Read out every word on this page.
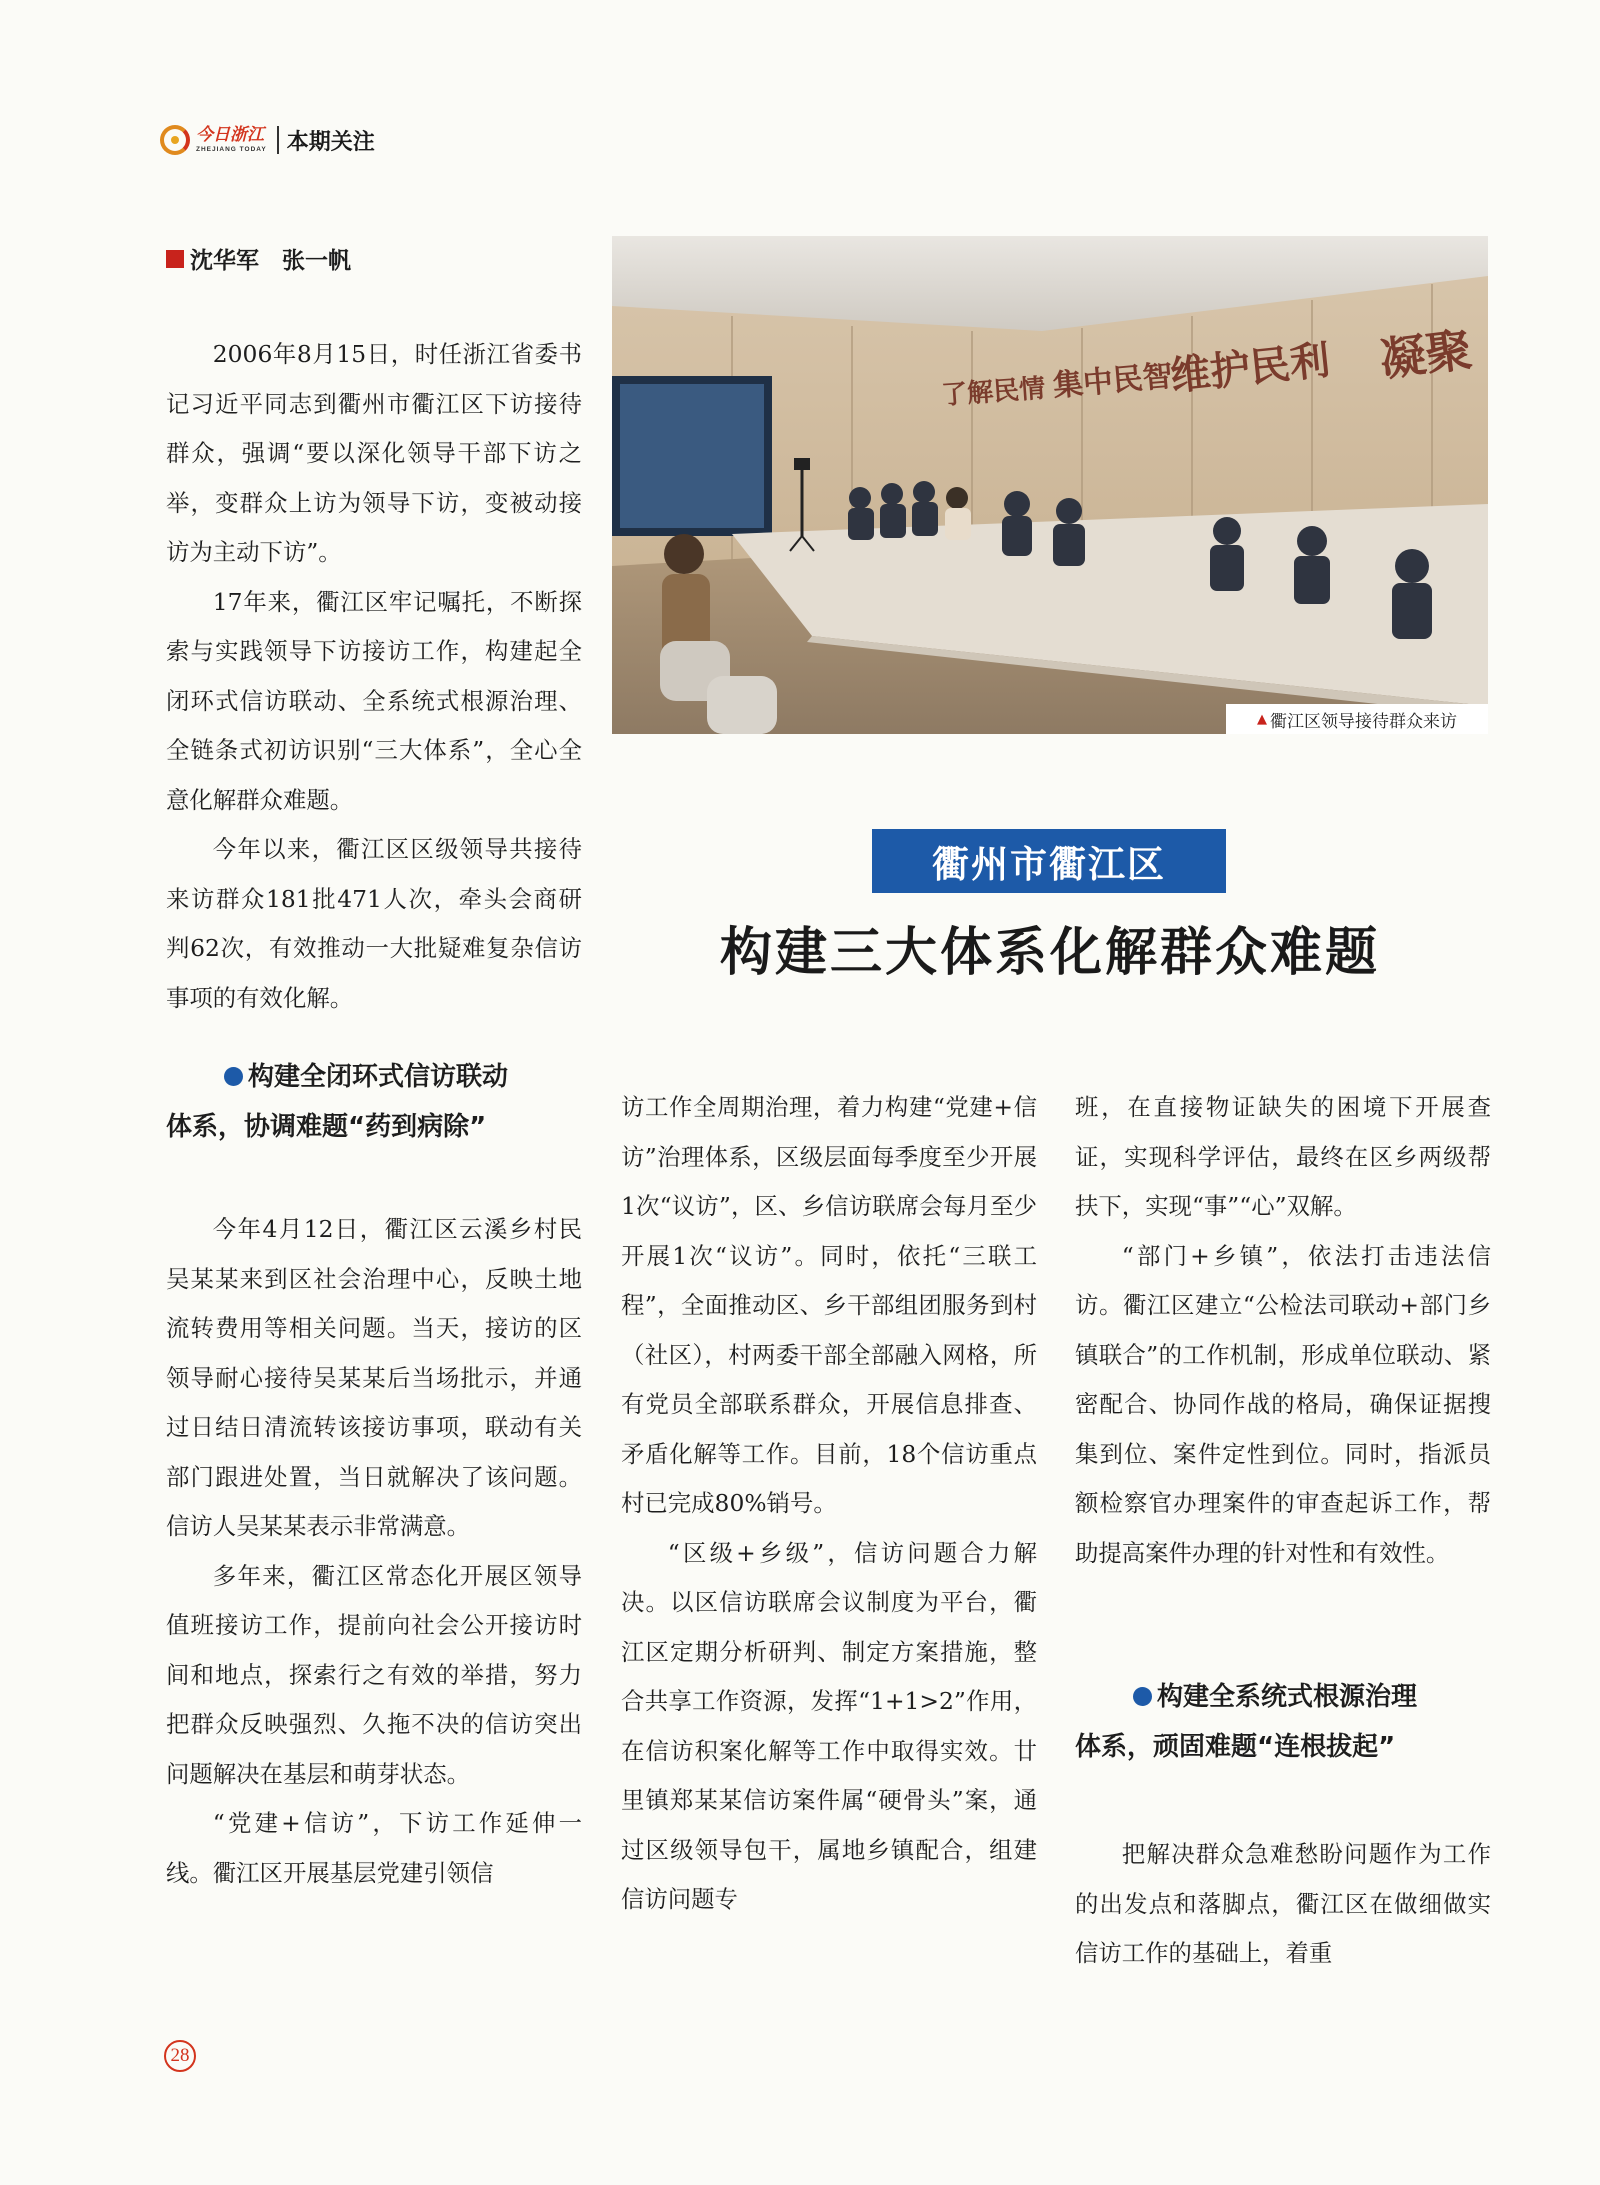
今日浙江
ZHEJIANG TODAY 本期关注
沈华军　张一帆
了解民情 集中民智
维护民利 凝聚
▲ 衢江区领导接待群众来访
衢州市衢江区
构建三大体系化解群众难题

2006年8月15日，时任浙江省委书记习近平同志到衢州市衢江区下访接待群众，强调“要以深化领导干部下访之举，变群众上访为领导下访，变被动接访为主动下访”。

17年来，衢江区牢记嘱托，不断探索与实践领导下访接访工作，构建起全闭环式信访联动、全系统式根源治理、全链条式初访识别“三大体系”，全心全意化解群众难题。

今年以来，衢江区区级领导共接待来访群众181批471人次，牵头会商研判62次，有效推动一大批疑难复杂信访事项的有效化解。

构建全闭环式信访联动
体系，协调难题“药到病除”

今年4月12日，衢江区云溪乡村民吴某某来到区社会治理中心，反映土地流转费用等相关问题。当天，接访的区领导耐心接待吴某某后当场批示，并通过日结日清流转该接访事项，联动有关部门跟进处置，当日就解决了该问题。信访人吴某某表示非常满意。

多年来，衢江区常态化开展区领导值班接访工作，提前向社会公开接访时间和地点，探索行之有效的举措，努力把群众反映强烈、久拖不决的信访突出问题解决在基层和萌芽状态。

“党建+信访”，下访工作延伸一线。衢江区开展基层党建引领信

访工作全周期治理，着力构建“党建+信访”治理体系，区级层面每季度至少开展1次“议访”，区、乡信访联席会每月至少开展1次“议访”。同时，依托“三联工程”，全面推动区、乡干部组团服务到村（社区），村两委干部全部融入网格，所有党员全部联系群众，开展信息排查、矛盾化解等工作。目前，18个信访重点村已完成80%销号。

“区级+乡级”，信访问题合力解决。以区信访联席会议制度为平台，衢江区定期分析研判、制定方案措施，整合共享工作资源，发挥“1+1>2”作用，在信访积案化解等工作中取得实效。廿里镇郑某某信访案件属“硬骨头”案，通过区级领导包干，属地乡镇配合，组建信访问题专

班，在直接物证缺失的困境下开展查证，实现科学评估，最终在区乡两级帮扶下，实现“事”“心”双解。

“部门+乡镇”，依法打击违法信访。衢江区建立“公检法司联动+部门乡镇联合”的工作机制，形成单位联动、紧密配合、协同作战的格局，确保证据搜集到位、案件定性到位。同时，指派员额检察官办理案件的审查起诉工作，帮助提高案件办理的针对性和有效性。

构建全系统式根源治理
体系，顽固难题“连根拔起”

把解决群众急难愁盼问题作为工作的出发点和落脚点，衢江区在做细做实信访工作的基础上，着重

28
